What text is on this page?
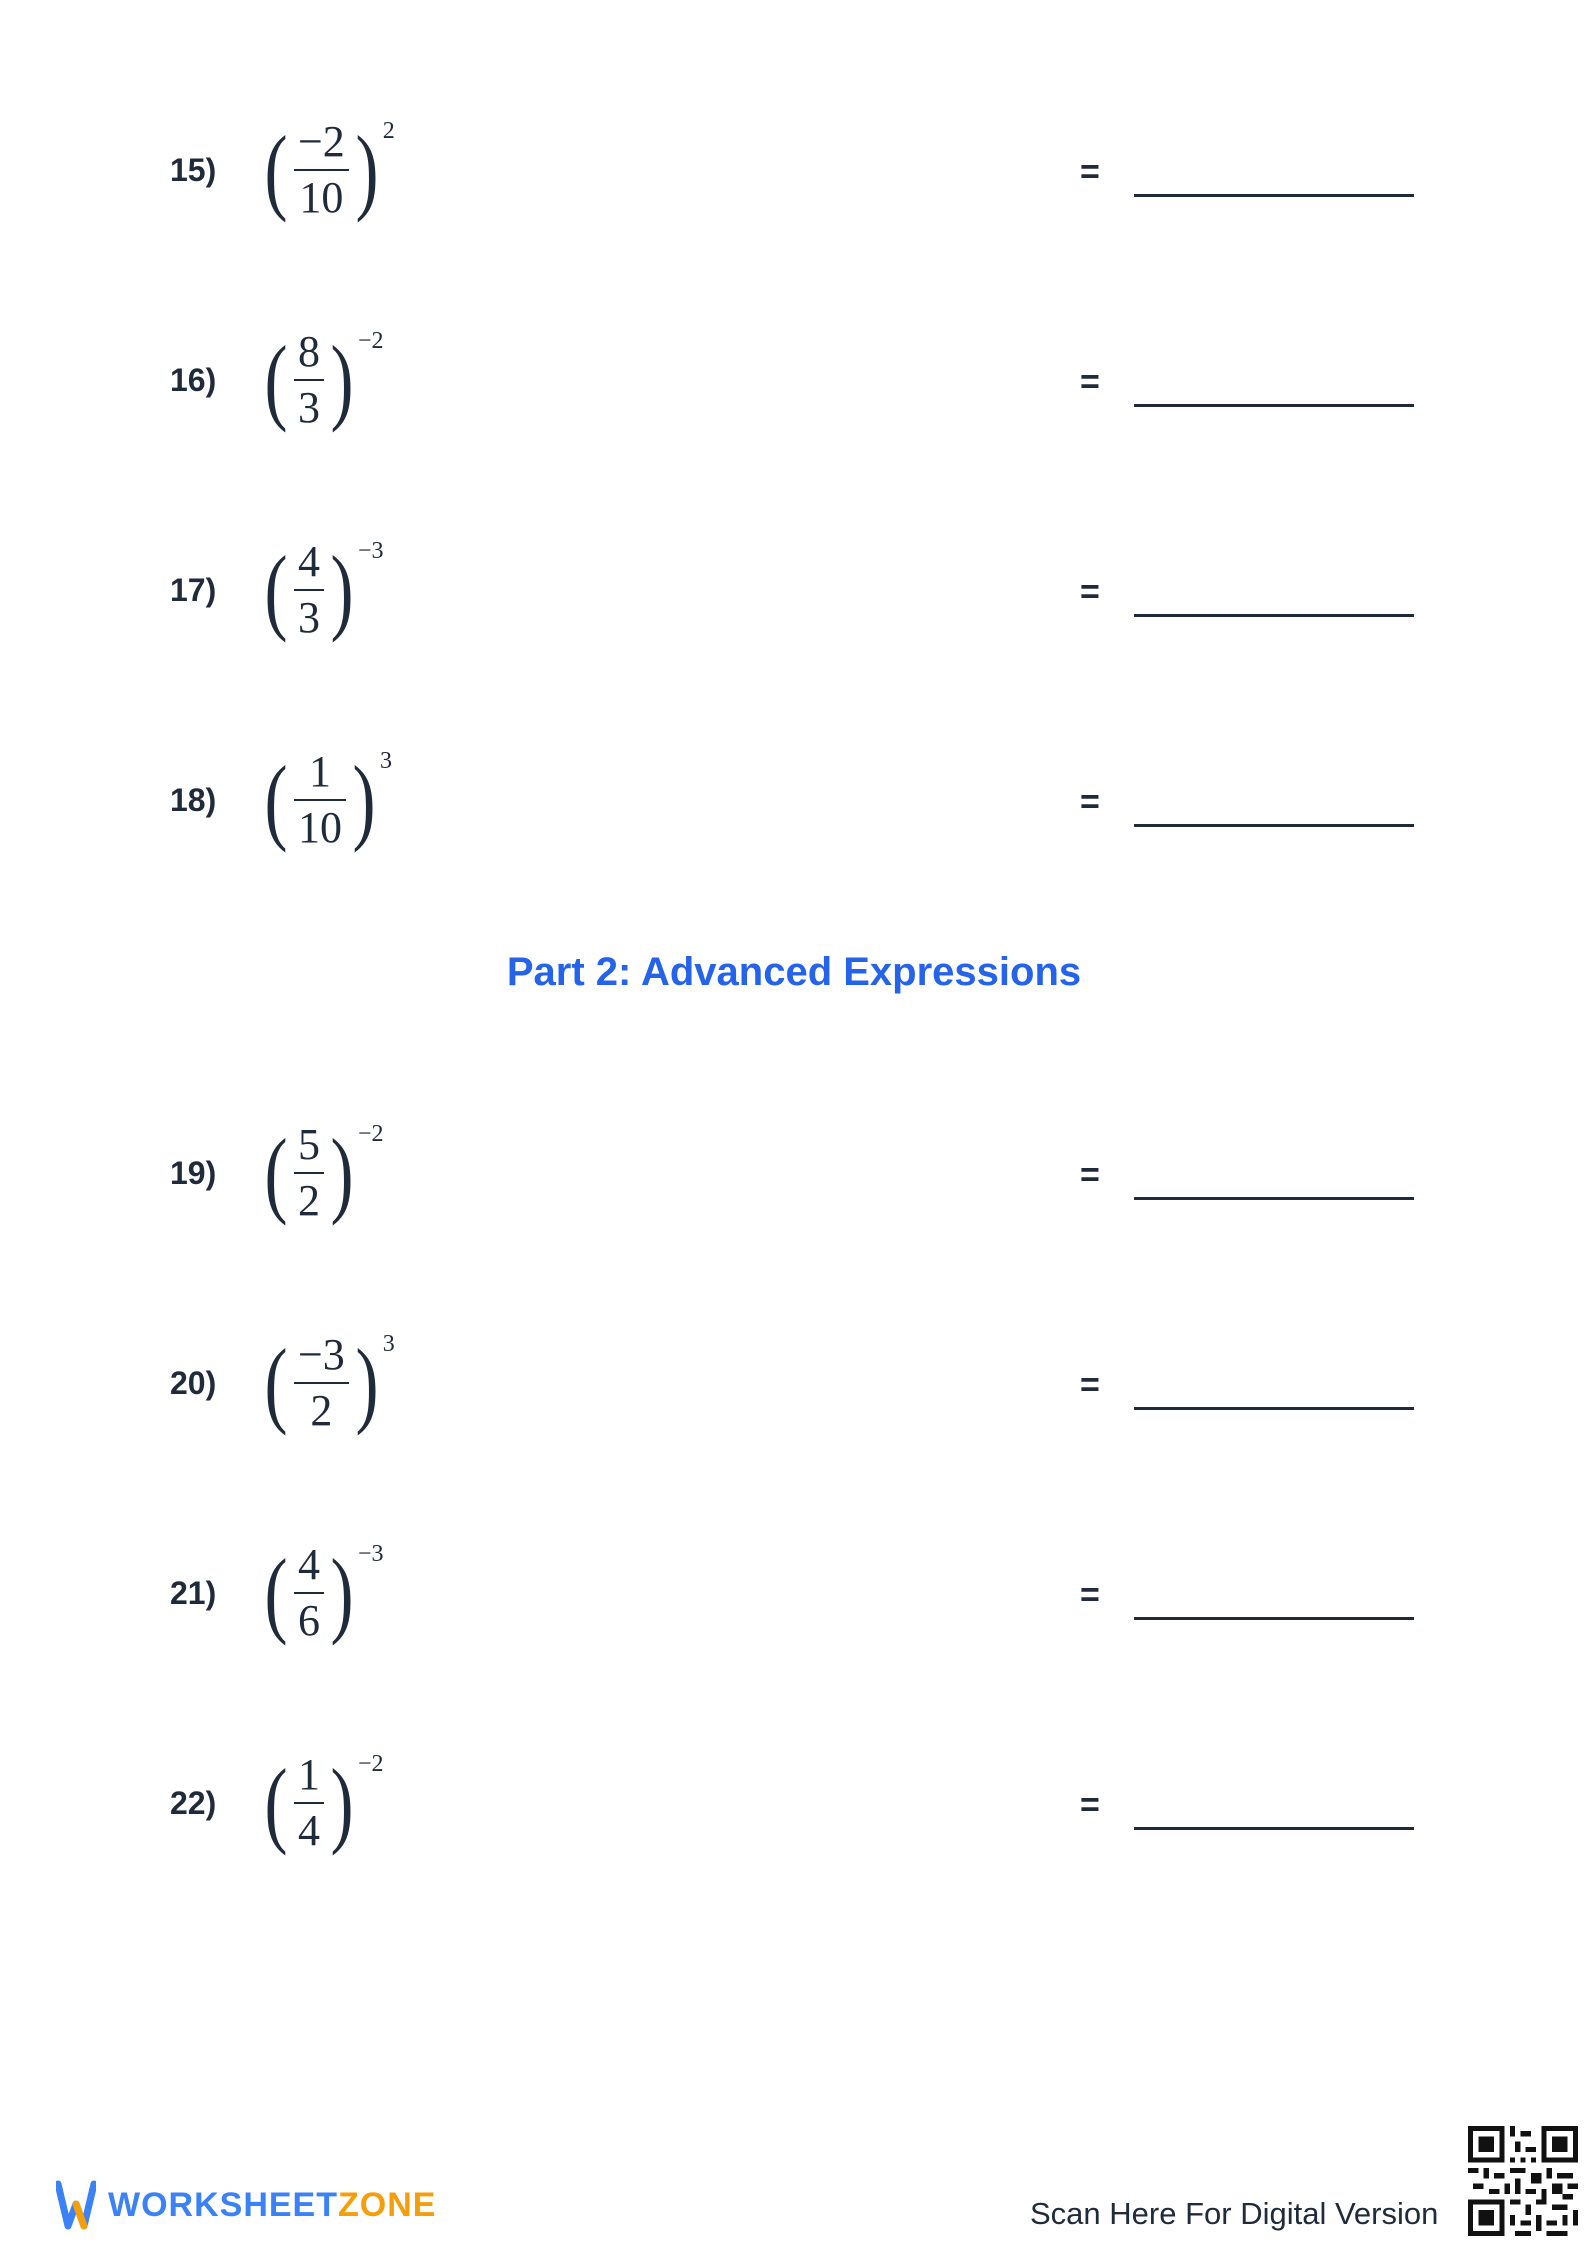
15) ( $\frac{-2}{10}$ ) 2
=
16) ( $\frac{8}{3}$ ) −2
=
17) ( $\frac{4}{3}$ ) −3
=
18) ( $\frac{1}{10}$ ) 3
=
Part 2: Advanced Expressions
19) ( $\frac{5}{2}$ ) −2
=
20) ( $\frac{-3}{2}$ ) 3
=
21) ( $\frac{4}{6}$ ) −3
=
22) ( $\frac{1}{4}$ ) −2
=
WORKSHEETZONE	Scan Here For Digital Version
